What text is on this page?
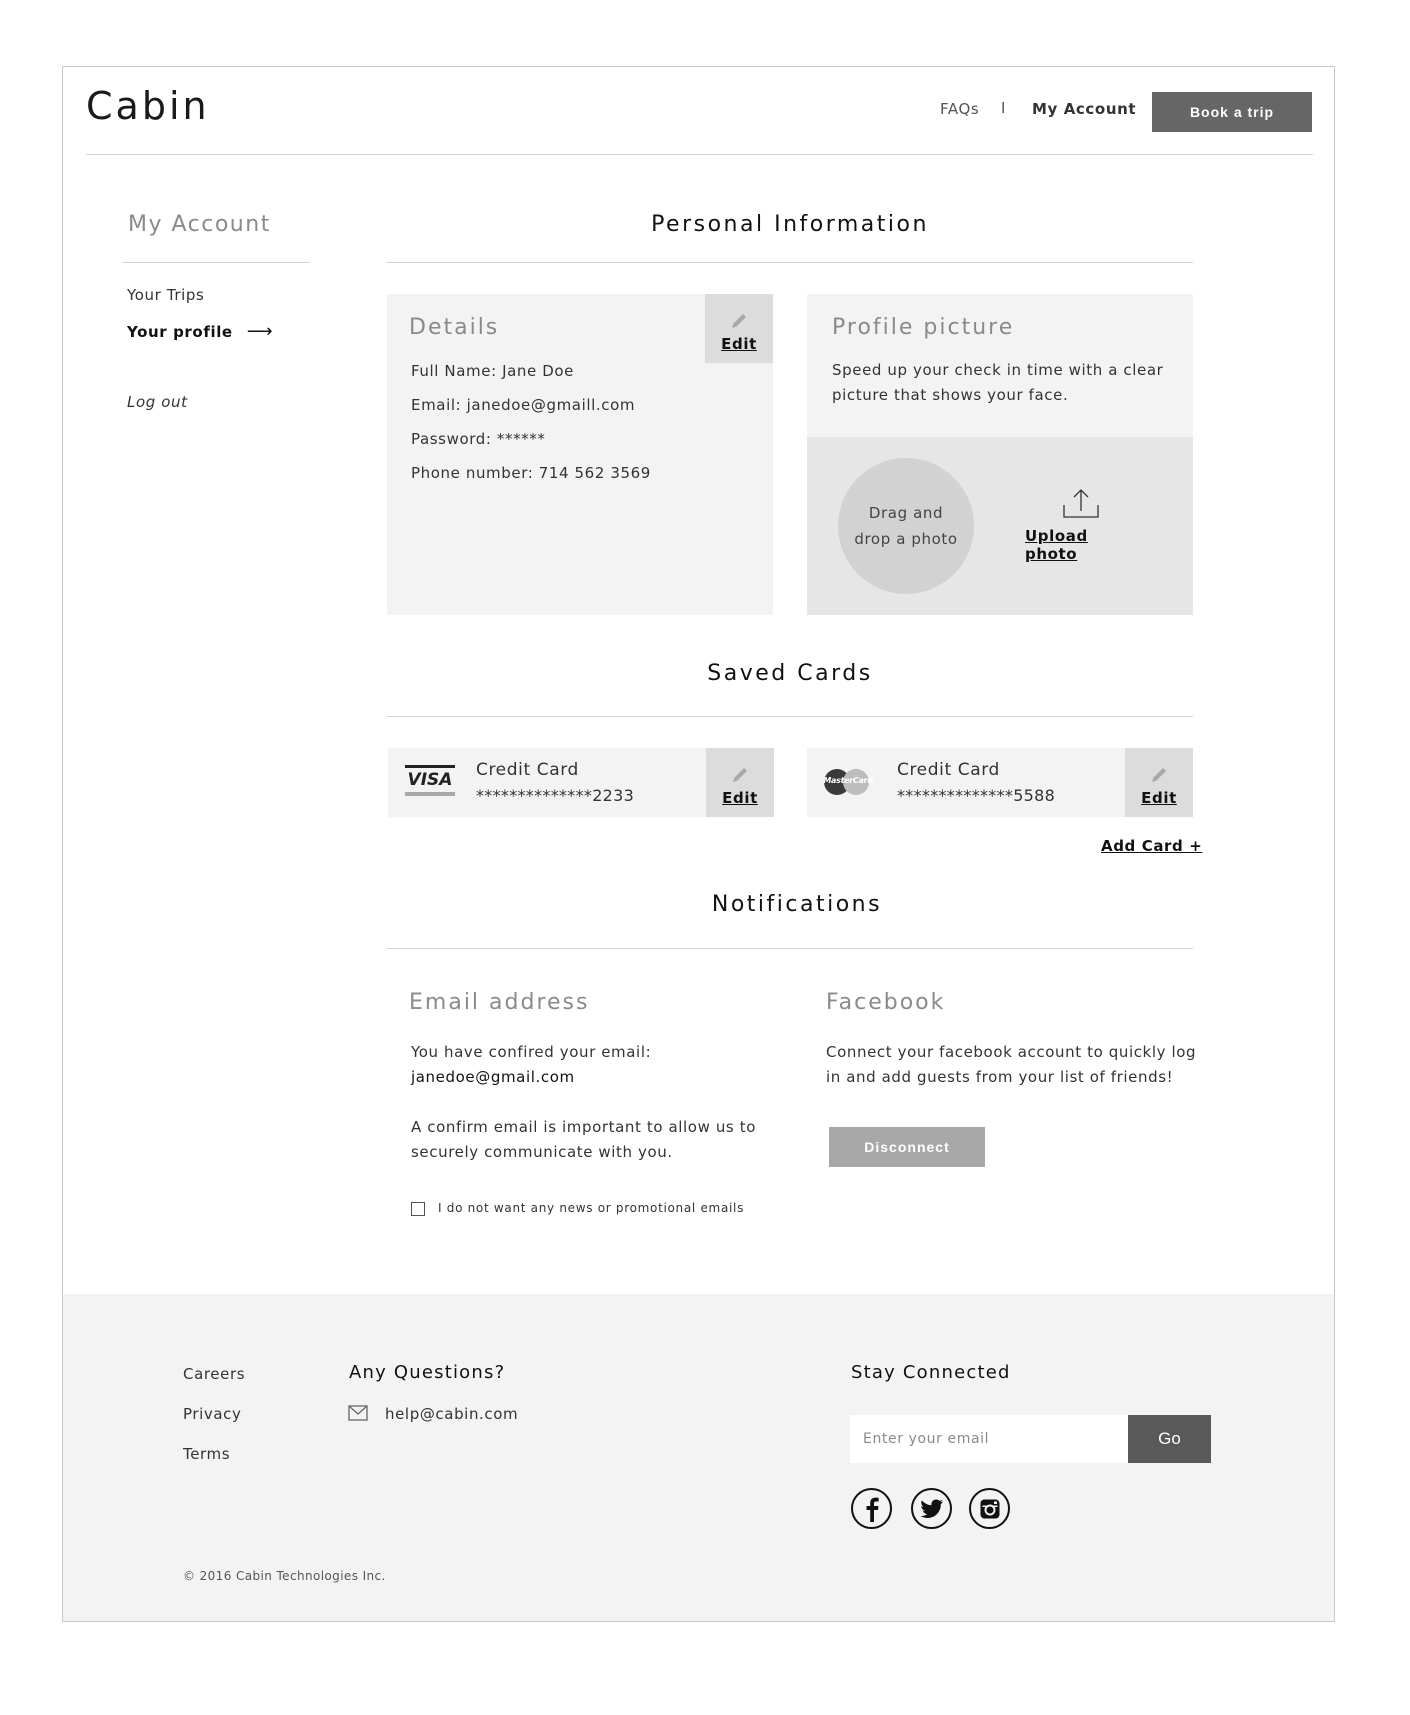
Cabin	FAQs I My Account	Book a trip
My Account
Your Trips
Your profile ⟶
Log out
Personal Information
Details
Edit
Full Name: Jane Doe
Email: janedoe@gmaill.com
Password: ******
Phone number: 714 562 3569
Profile picture
Speed up your check in time with a clear
picture that shows your face.
Drag and
drop a photo	Upload photo
Saved Cards
VISA Credit Card
**************2233	Edit
MasterCard
Credit Card
**************5588	Edit
Add Card +
Notifications
Email address
You have confired your email:
janedoe@gmail.com
A confirm email is important to allow us to
securely communicate with you.
I do not want any news or promotional emails
Facebook
Connect your facebook account to quickly log
in and add guests from your list of friends!
Disconnect
Careers
Privacy
Terms
Any Questions?
help@cabin.com
Stay Connected
Enter your email
Go
© 2016 Cabin Technologies Inc.
